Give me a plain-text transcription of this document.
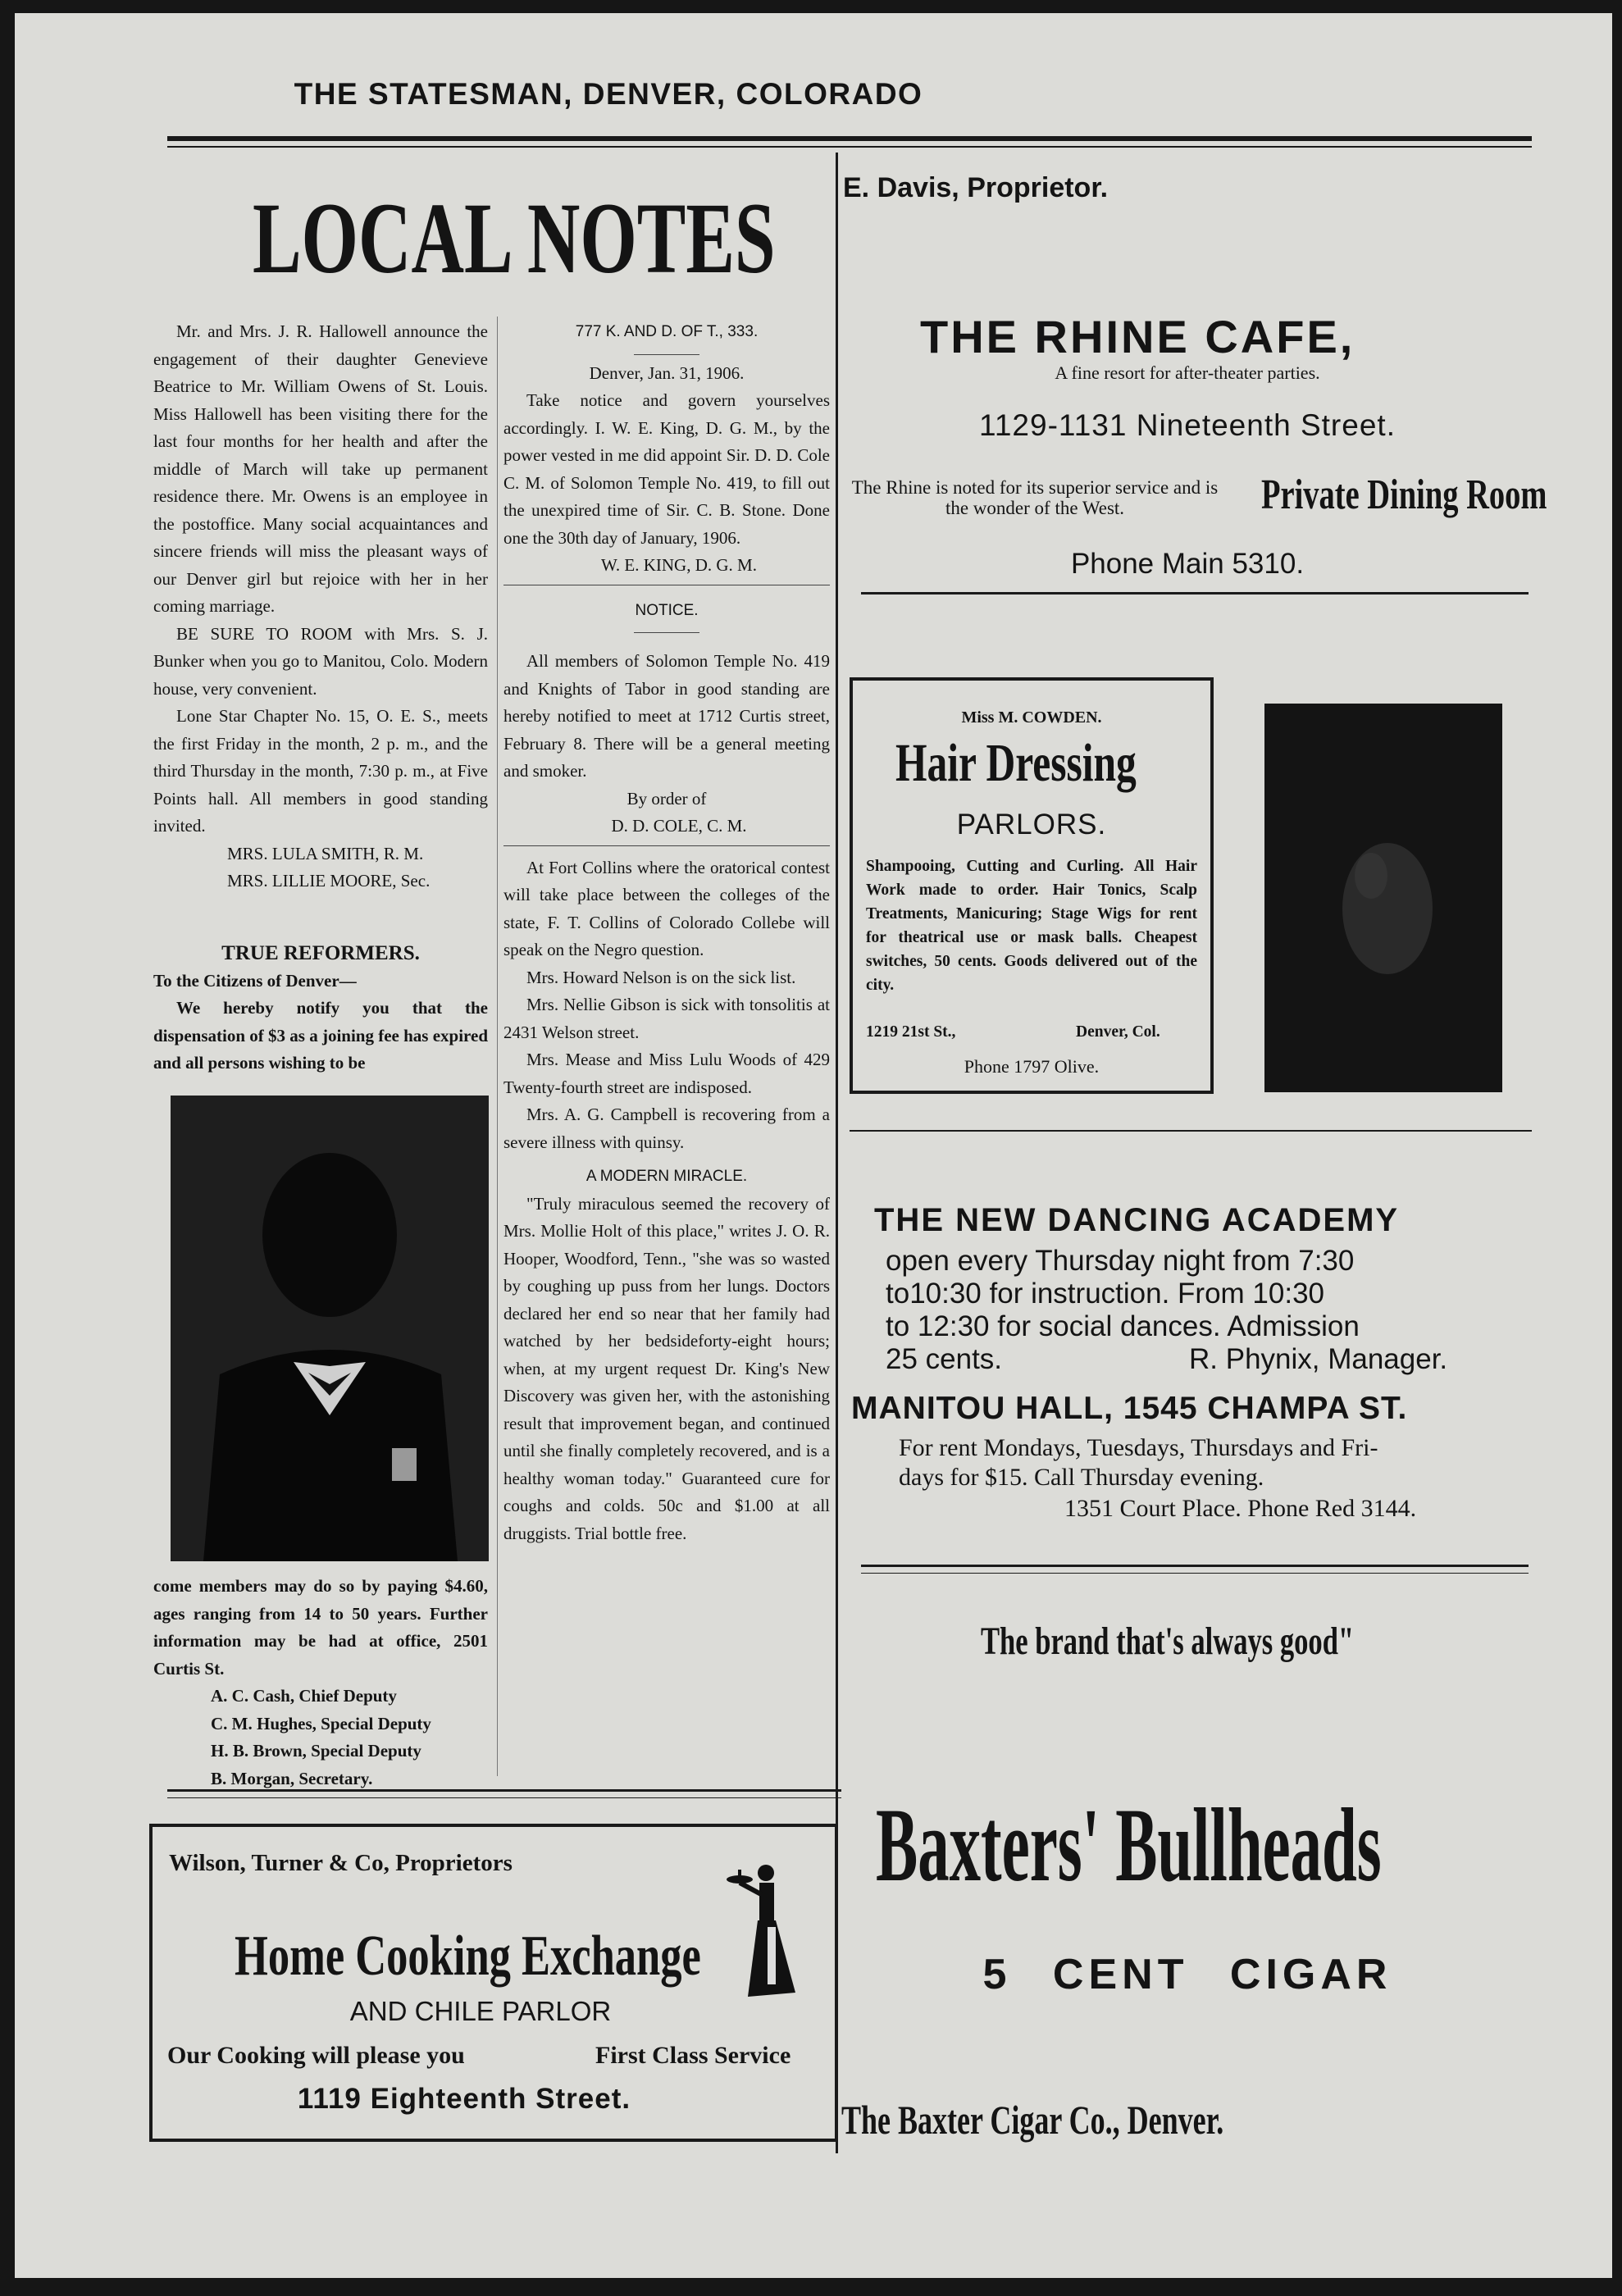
THE STATESMAN, DENVER, COLORADO
LOCAL NOTES

Mr. and Mrs. J. R. Hallowell announce the engagement of their daughter Genevieve Beatrice to Mr. William Owens of St. Louis. Miss Hallowell has been visiting there for the last four months for her health and after the middle of March will take up permanent residence there. Mr. Owens is an employee in the postoffice. Many social acquaintances and sincere friends will miss the pleasant ways of our Denver girl but rejoice with her in her coming marriage.

BE SURE TO ROOM with Mrs. S. J. Bunker when you go to Manitou, Colo. Modern house, very convenient.

Lone Star Chapter No. 15, O. E. S., meets the first Friday in the month, 2 p. m., and the third Thursday in the month, 7:30 p. m., at Five Points hall. All members in good standing invited.

MRS. LULA SMITH, R. M.

MRS. LILLIE MOORE, Sec.

TRUE REFORMERS.

To the Citizens of Denver—

We hereby notify you that the dispensation of $3 as a joining fee has expired and all persons wishing to be

come members may do so by paying $4.60, ages ranging from 14 to 50 years. Further information may be had at office, 2501 Curtis St.

A. C. Cash, Chief Deputy

C. M. Hughes, Special Deputy

H. B. Brown, Special Deputy

B. Morgan, Secretary.

777 K. AND D. OF T., 333.

Denver, Jan. 31, 1906.

Take notice and govern yourselves accordingly. I. W. E. King, D. G. M., by the power vested in me did appoint Sir. D. D. Cole C. M. of Solomon Temple No. 419, to fill out the unexpired time of Sir. C. B. Stone. Done one the 30th day of January, 1906.

W. E. KING, D. G. M.

NOTICE.

All members of Solomon Temple No. 419 and Knights of Tabor in good standing are hereby notified to meet at 1712 Curtis street, February 8. There will be a general meeting and smoker.

By order of

D. D. COLE, C. M.

At Fort Collins where the oratorical contest will take place between the colleges of the state, F. T. Collins of Colorado Collebe will speak on the Negro question.

Mrs. Howard Nelson is on the sick list.

Mrs. Nellie Gibson is sick with tonsolitis at 2431 Welson street.

Mrs. Mease and Miss Lulu Woods of 429 Twenty-fourth street are indisposed.

Mrs. A. G. Campbell is recovering from a severe illness with quinsy.

A MODERN MIRACLE.

"Truly miraculous seemed the recovery of Mrs. Mollie Holt of this place," writes J. O. R. Hooper, Woodford, Tenn., "she was so wasted by coughing up puss from her lungs. Doctors declared her end so near that her family had watched by her bedsideforty-eight hours; when, at my urgent request Dr. King's New Discovery was given her, with the astonishing result that improvement began, and continued until she finally completely recovered, and is a healthy woman today." Guaranteed cure for coughs and colds. 50c and $1.00 at all druggists. Trial bottle free.

Wilson, Turner & Co, Proprietors
Home Cooking Exchange
AND CHILE PARLOR
Our Cooking will please you	First Class Service
1119 Eighteenth Street.
E. Davis, Proprietor.
THE RHINE CAFE,
A fine resort for after-theater parties.
1129-1131 Nineteenth Street.
The Rhine is noted for its superior service and is the wonder of the West.	Private Dining Room
Phone Main 5310.
Miss M. COWDEN.
Hair Dressing
PARLORS.
Shampooing, Cutting and Curling. All Hair Work made to order. Hair Tonics, Scalp Treatments, Manicuring; Stage Wigs for rent for theatrical use or mask balls. Cheapest switches, 50 cents. Goods delivered out of the city.
1219 21st St.,	Denver, Col.
Phone 1797 Olive.
THE NEW DANCING ACADEMY
open every Thursday night from 7:30
to10:30 for instruction. From 10:30
to 12:30 for social dances. Admission
25 cents.	R. Phynix, Manager.
MANITOU HALL, 1545 CHAMPA ST.
For rent Mondays, Tuesdays, Thursdays and Fri-
days for $15. Call Thursday evening.
1351 Court Place. Phone Red 3144.
The brand that's always good"
Baxters' Bullheads
5 CENT CIGAR
The Baxter Cigar Co., Denver.
